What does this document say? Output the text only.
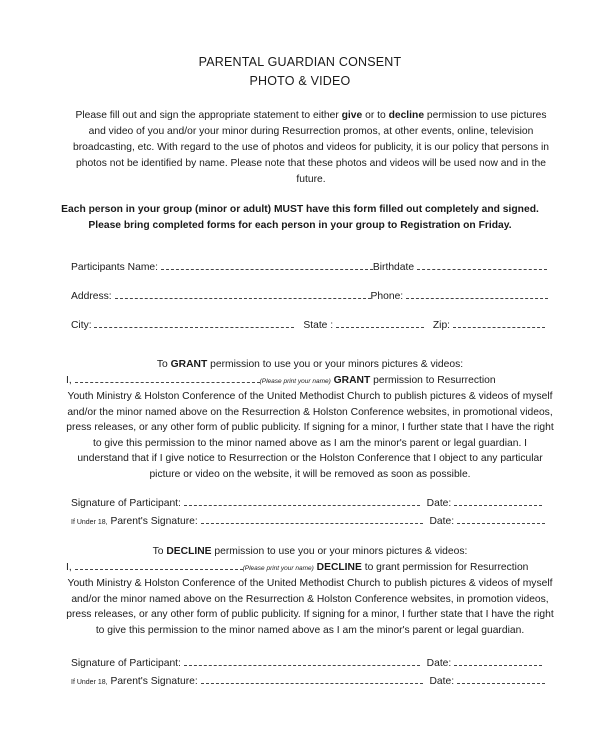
PARENTAL GUARDIAN CONSENT
PHOTO & VIDEO
Please fill out and sign the appropriate statement to either give or to decline permission to use pictures and video of you and/or your minor during Resurrection promos, at other events, online, television broadcasting, etc. With regard to the use of photos and videos for publicity, it is our policy that persons in photos not be identified by name. Please note that these photos and videos will be used now and in the future.
Each person in your group (minor or adult) MUST have this form filled out completely and signed.
Please bring completed forms for each person in your group to Registration on Friday.
Participants Name:	Birthdate
Address:	Phone:
City:	State :	Zip:
To GRANT permission to use you or your minors pictures & videos:
I,	(Please print your name) GRANT permission to Resurrection
Youth Ministry & Holston Conference of the United Methodist Church to publish pictures & videos of myself and/or the minor named above on the Resurrection & Holston Conference websites, in promotional videos, press releases, or any other form of public publicity. If signing for a minor, I further state that I have the right to give this permission to the minor named above as I am the minor's parent or legal guardian. I understand that if I give notice to Resurrection or the Holston Conference that I object to any particular picture or video on the website, it will be removed as soon as possible.
Signature of Participant:	Date:
If Under 18, Parent's Signature:	Date:
To DECLINE permission to use you or your minors pictures & videos:
I,	(Please print your name) DECLINE to grant permission for Resurrection
Youth Ministry & Holston Conference of the United Methodist Church to publish pictures & videos of myself and/or the minor named above on the Resurrection & Holston Conference websites, in promotion videos, press releases, or any other form of public publicity. If signing for a minor, I further state that I have the right to give this permission to the minor named above as I am the minor's parent or legal guardian.
Signature of Participant:	Date:
If Under 18, Parent's Signature:	Date:
